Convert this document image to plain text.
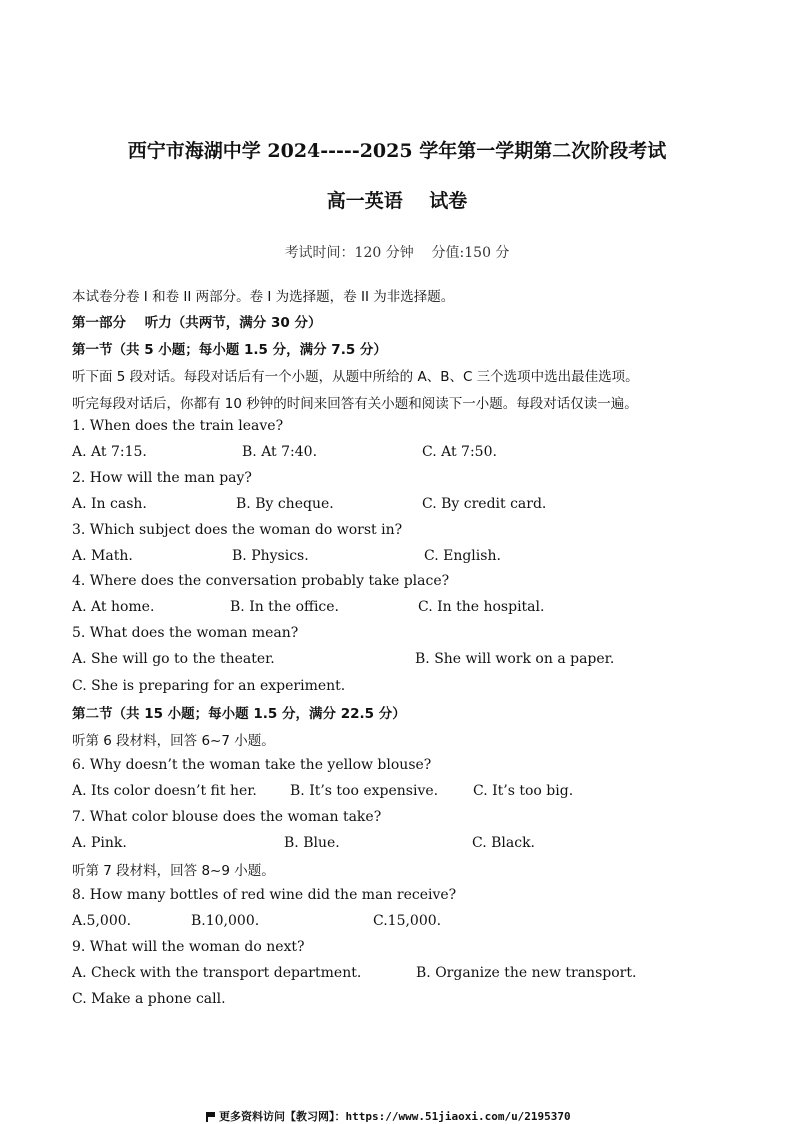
西宁市海湖中学 2024-----2025 学年第一学期第二次阶段考试
高一英语    试卷
考试时间：120 分钟    分值:150 分
本试卷分卷 I 和卷 II 两部分。卷 I 为选择题，卷 II 为非选择题。
第一部分    听力（共两节，满分 30 分）
第一节（共 5 小题；每小题 1.5 分，满分 7.5 分）
听下面 5 段对话。每段对话后有一个小题，从题中所给的 A、B、C 三个选项中选出最佳选项。
听完每段对话后，你都有 10 秒钟的时间来回答有关小题和阅读下一小题。每段对话仅读一遍。
1. When does the train leave?
A. At 7:15.	B. At 7:40.	C. At 7:50.
2. How will the man pay?
A. In cash.	B. By cheque.	C. By credit card.
3. Which subject does the woman do worst in?
A. Math.	B. Physics.	C. English.
4. Where does the conversation probably take place?
A. At home.	B. In the office.	C. In the hospital.
5. What does the woman mean?
A. She will go to the theater.	B. She will work on a paper.
C. She is preparing for an experiment.
第二节（共 15 小题；每小题 1.5 分，满分 22.5 分）
听第 6 段材料，回答 6~7 小题。
6. Why doesn’t the woman take the yellow blouse?
A. Its color doesn’t fit her. B. It’s too expensive. C. It’s too big.
7. What color blouse does the woman take?
A. Pink.	B. Blue.	C. Black.
听第 7 段材料，回答 8~9 小题。
8. How many bottles of red wine did the man receive?
A.5,000.	B.10,000.	C.15,000.
9. What will the woman do next?
A. Check with the transport department.	B. Organize the new transport.
C. Make a phone call.
更多资料访问【教习网】：https://www.51jiaoxi.com/u/2195370
